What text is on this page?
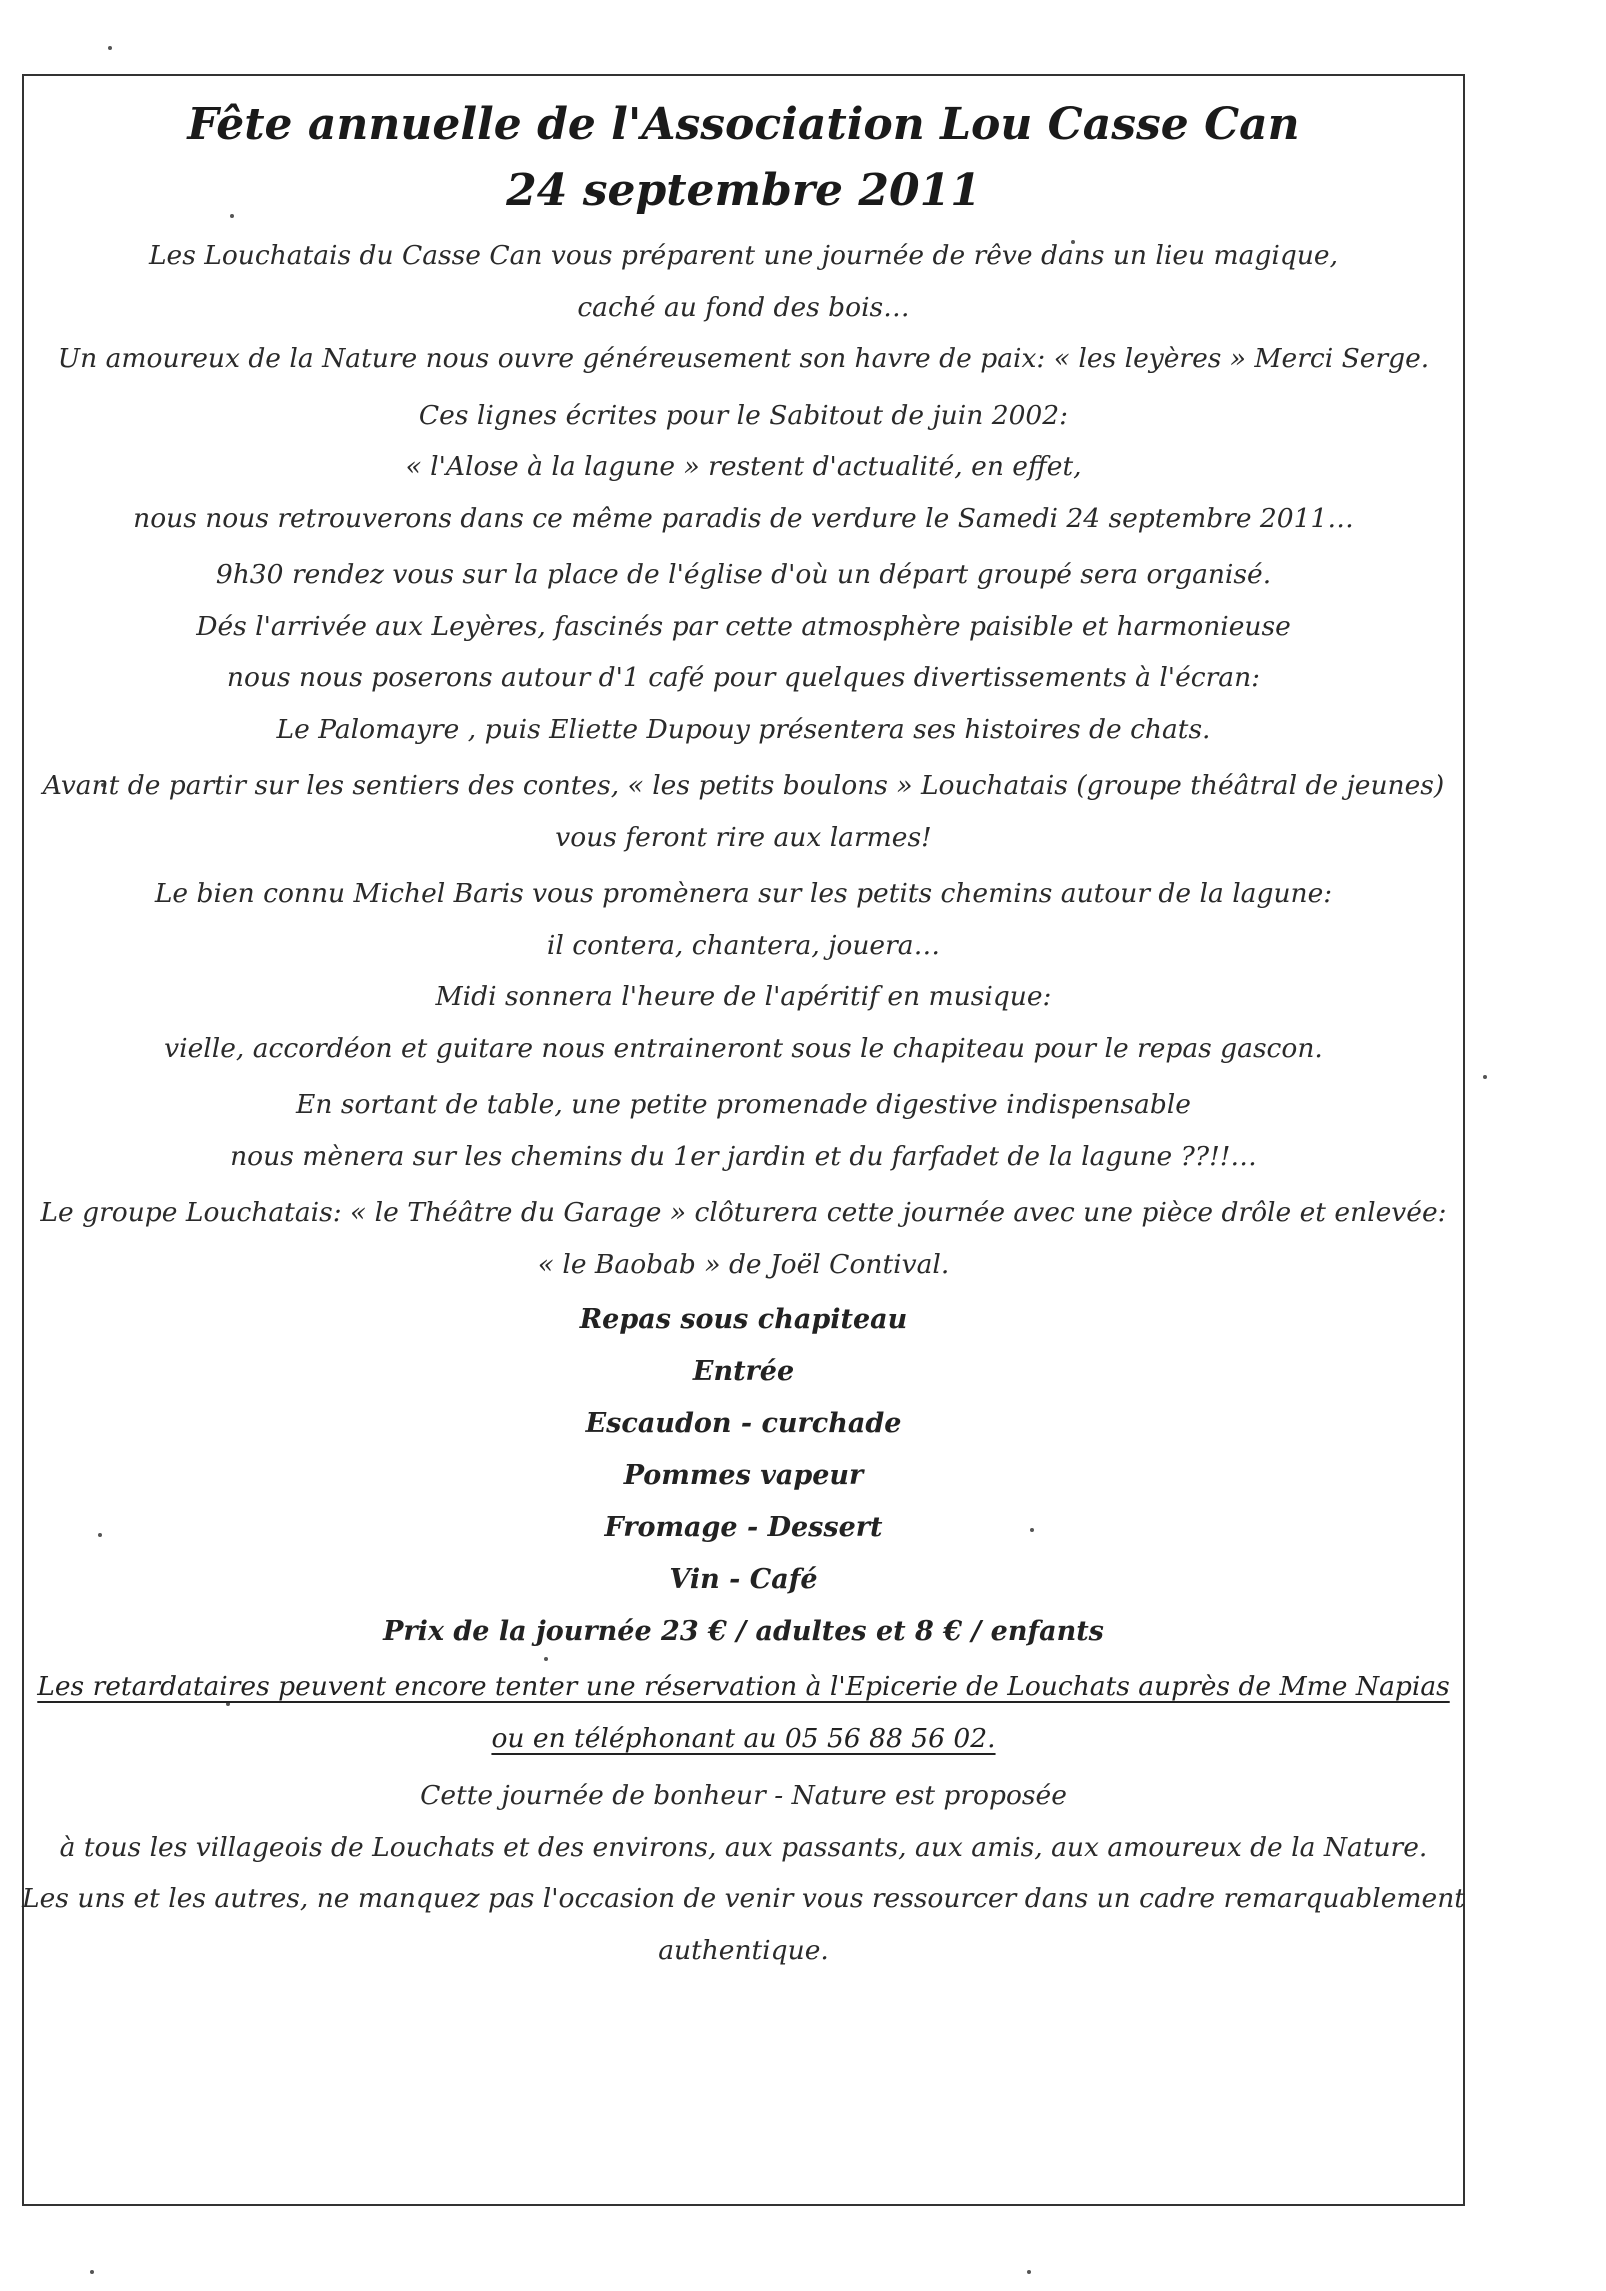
Fête annuelle de l'Association Lou Casse Can
24 septembre 2011
Les Louchatais du Casse Can vous préparent une journée de rêve dans un lieu magique,
caché au fond des bois…
Un amoureux de la Nature nous ouvre généreusement son havre de paix: « les leyères » Merci Serge.
Ces lignes écrites pour le Sabitout de juin 2002:
« l'Alose à la lagune » restent d'actualité, en effet,
nous nous retrouverons dans ce même paradis de verdure le Samedi 24 septembre 2011…
9h30 rendez vous sur la place de l'église d'où un départ groupé sera organisé.
Dés l'arrivée aux Leyères, fascinés par cette atmosphère paisible et harmonieuse
nous nous poserons autour d'1 café pour quelques divertissements à l'écran:
Le Palomayre , puis Eliette Dupouy présentera ses histoires de chats.
Avant de partir sur les sentiers des contes, « les petits boulons » Louchatais (groupe théâtral de jeunes)
vous feront rire aux larmes!
Le bien connu Michel Baris vous promènera sur les petits chemins autour de la lagune:
il contera, chantera, jouera…
Midi sonnera l'heure de l'apéritif en musique:
vielle, accordéon et guitare nous entraineront sous le chapiteau pour le repas gascon.
En sortant de table, une petite promenade digestive indispensable
nous mènera sur les chemins du 1er jardin et du farfadet de la lagune ??!!…
Le groupe Louchatais: « le Théâtre du Garage » clôturera cette journée avec une pièce drôle et enlevée:
« le Baobab » de Joël Contival.
Repas sous chapiteau
Entrée
Escaudon - curchade
Pommes vapeur
Fromage - Dessert
Vin - Café
Prix de la journée 23 € / adultes et 8 € / enfants
Les retardataires peuvent encore tenter une réservation à l'Epicerie de Louchats auprès de Mme Napias
ou en téléphonant au 05 56 88 56 02.
Cette journée de bonheur - Nature est proposée
à tous les villageois de Louchats et des environs, aux passants, aux amis, aux amoureux de la Nature.
Les uns et les autres, ne manquez pas l'occasion de venir vous ressourcer dans un cadre remarquablement
authentique.
